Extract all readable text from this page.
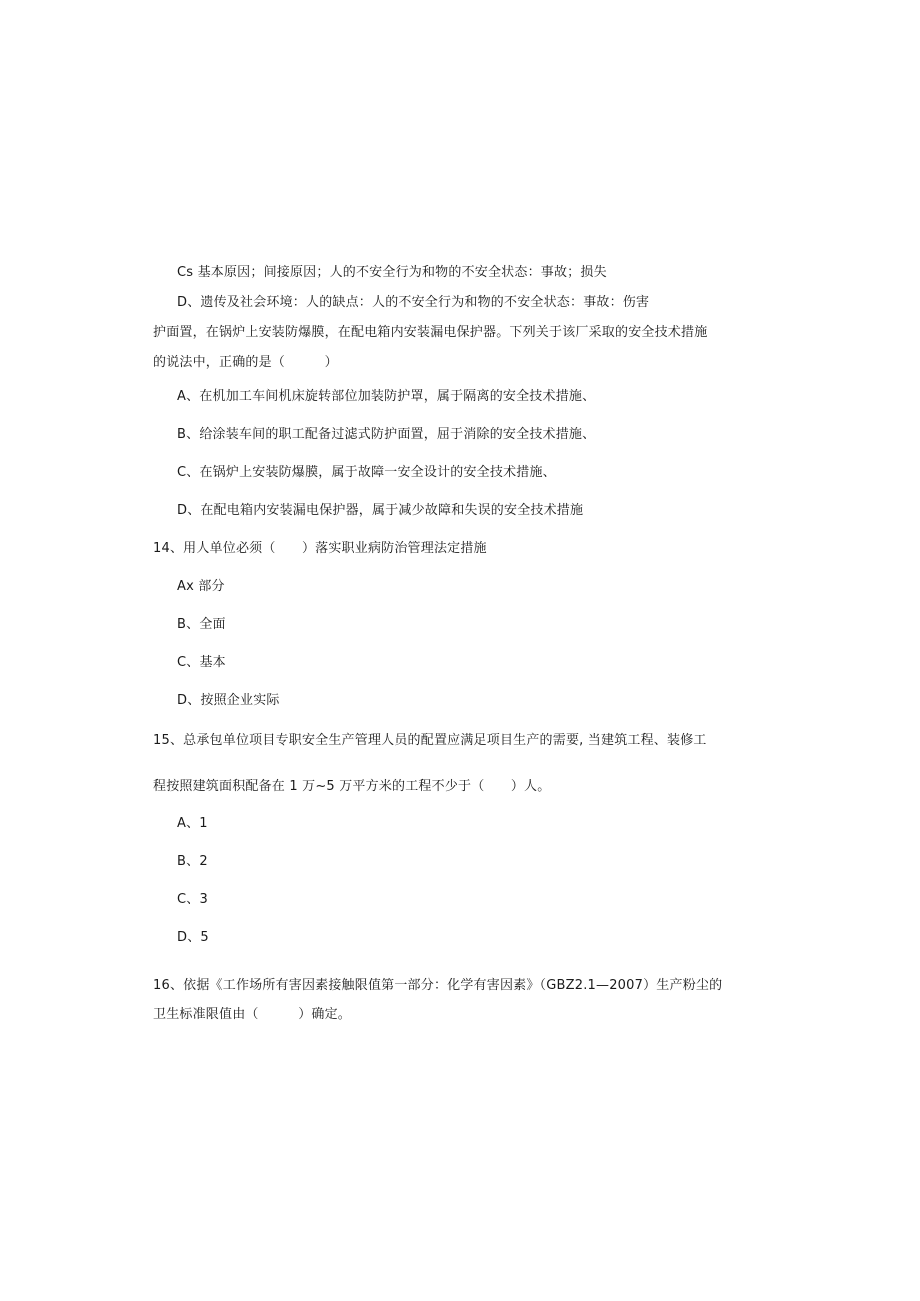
Cs 基本原因；间接原因；人的不安全行为和物的不安全状态：事故；损失
D、遗传及社会环境：人的缺点：人的不安全行为和物的不安全状态：事故：伤害
护面置，在锅炉上安装防爆膜，在配电箱内安装漏电保护器。下列关于该厂采取的安全技术措施
的说法中，正确的是（　　　）
A、在机加工车间机床旋转部位加装防护罩，属于隔离的安全技术措施、
B、给涂装车间的职工配备过滤式防护面置，屈于消除的安全技术措施、
C、在锅炉上安装防爆膜，属于故障一安全设计的安全技术措施、
D、在配电箱内安装漏电保护器，属于减少故障和失误的安全技术措施
14、用人单位必须（　　）落实职业病防治管理法定措施
Ax 部分
B、全面
C、基本
D、按照企业实际
15、总承包单位项目专职安全生产管理人员的配置应满足项目生产的需要, 当建筑工程、装修工
程按照建筑面积配备在 1 万~5 万平方米的工程不少于（　　）人。
A、1
B、2
C、3
D、5
16、依据《工作场所有害因素接触限值第一部分：化学有害因素》（GBZ2.1—2007）生产粉尘的
卫生标准限值由（　　　）确定。
